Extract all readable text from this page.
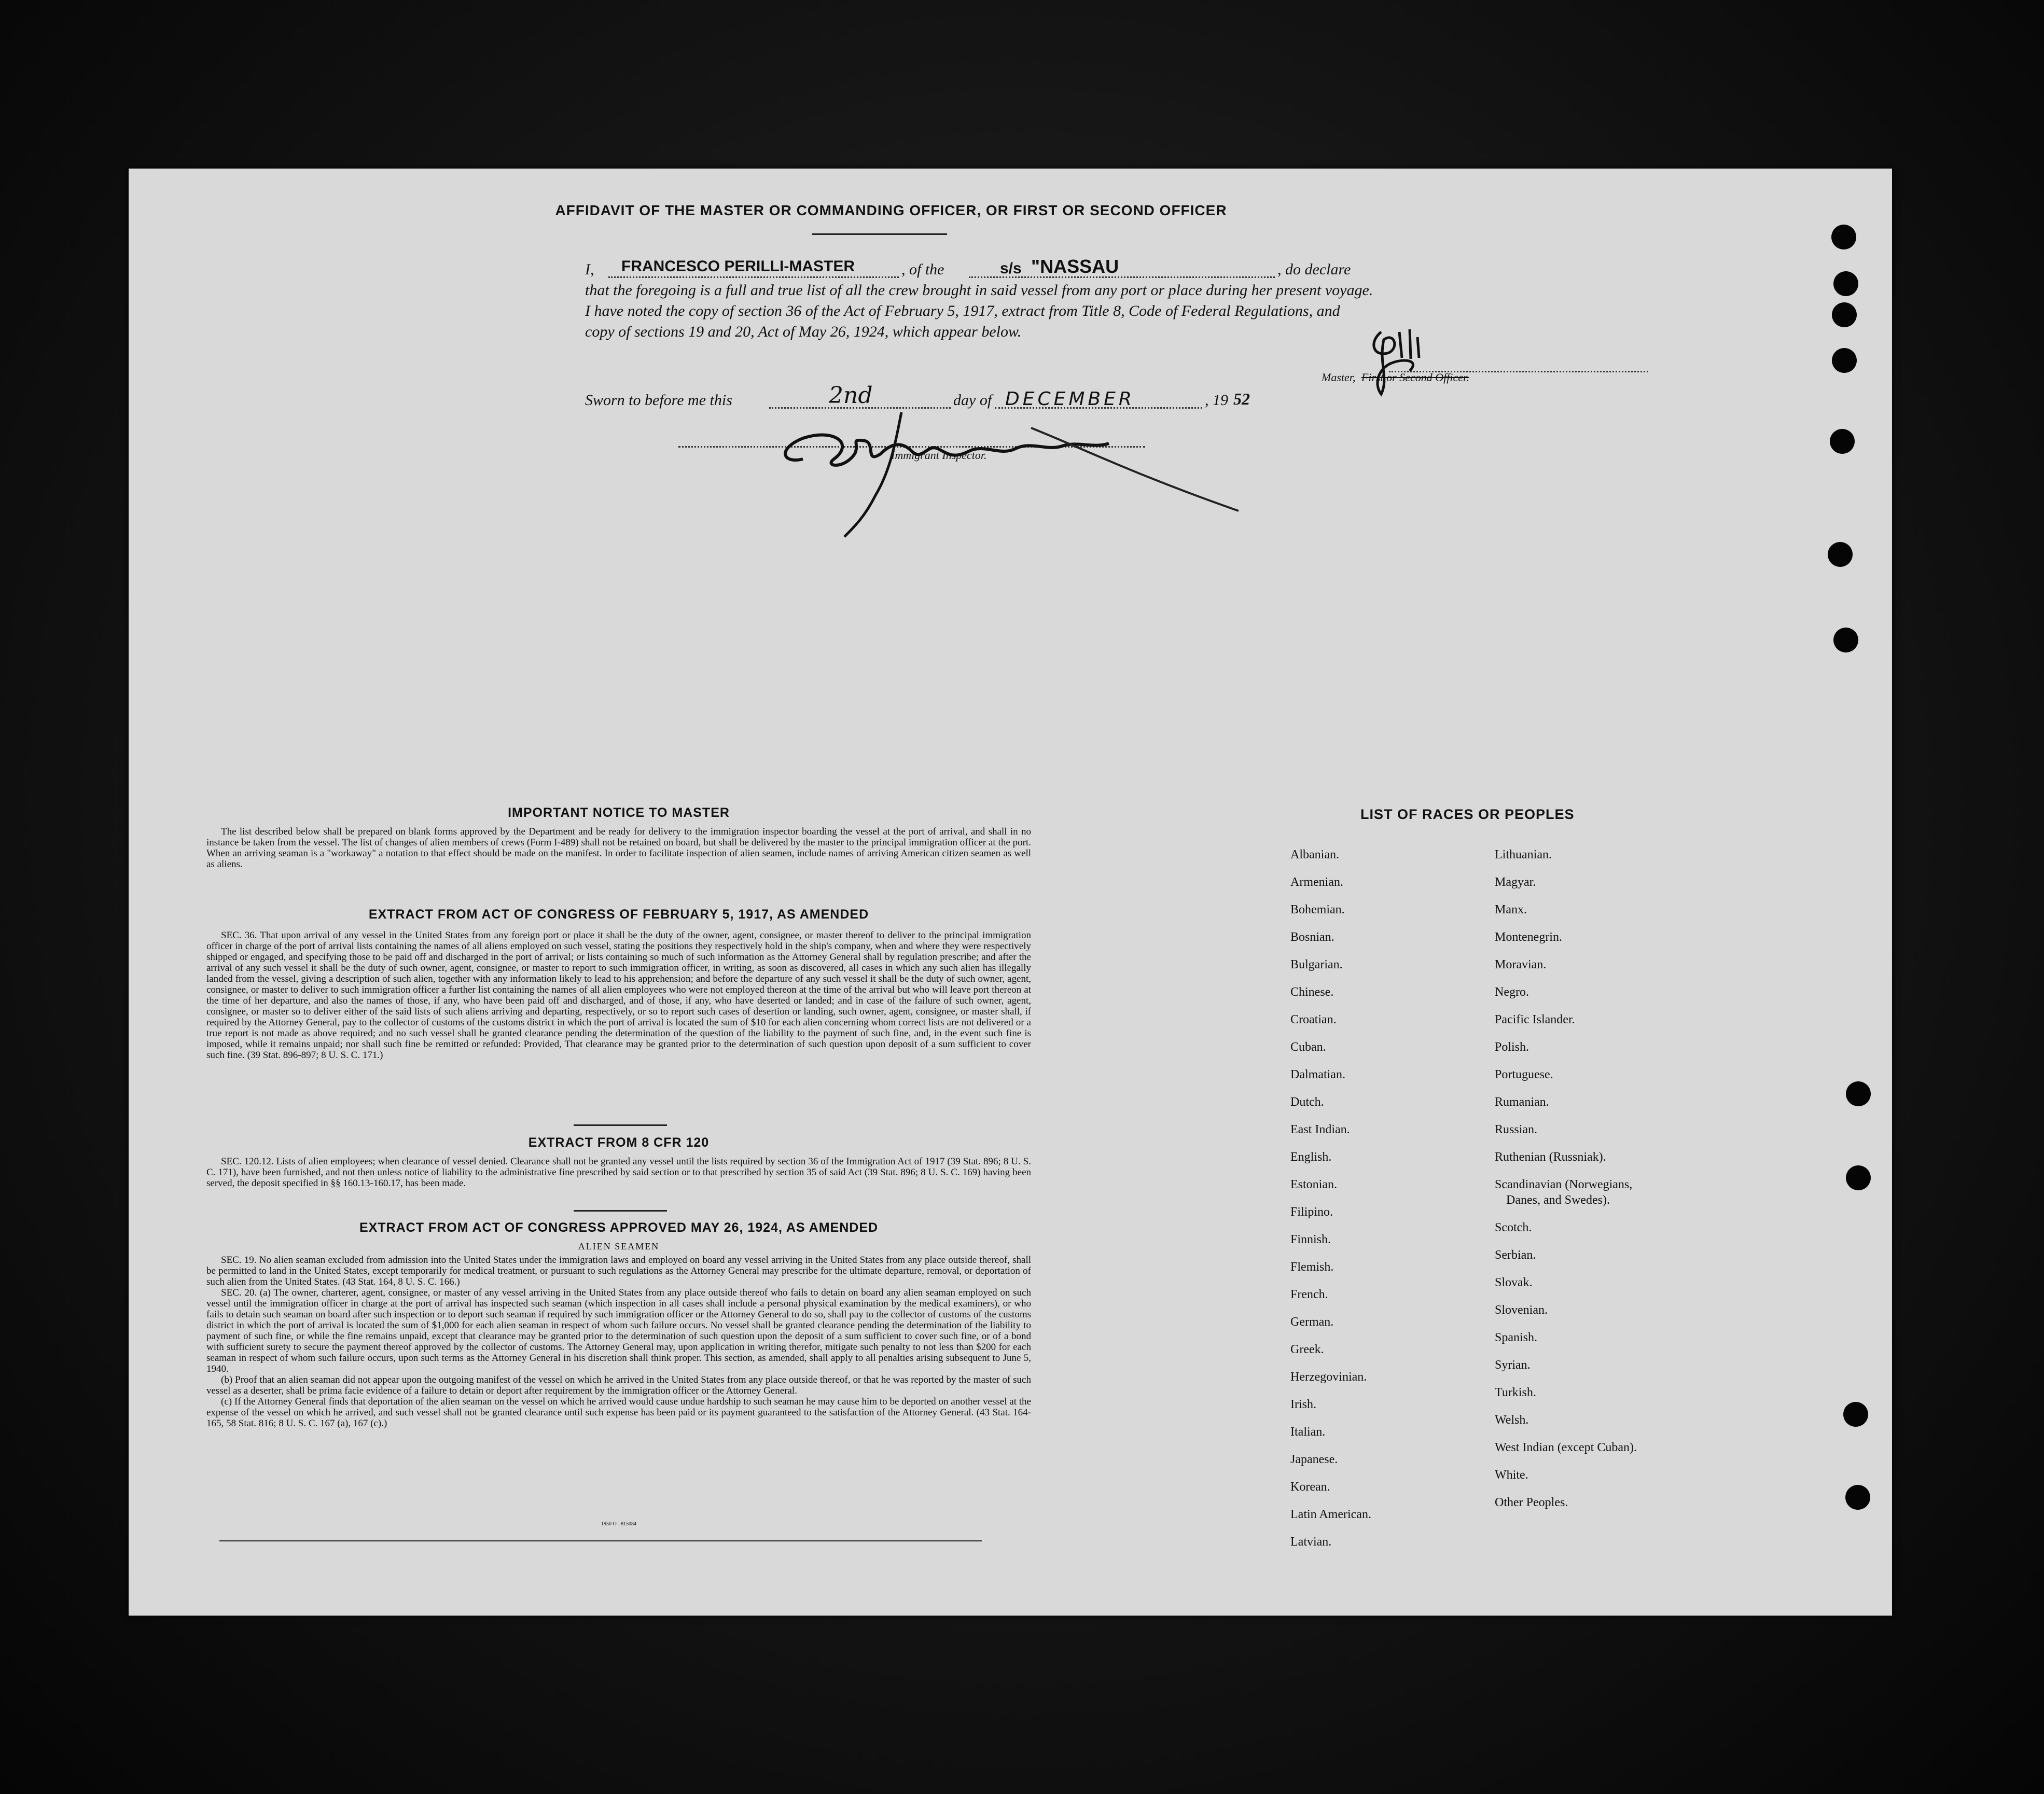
AFFIDAVIT OF THE MASTER OR COMMANDING OFFICER, OR FIRST OR SECOND OFFICER
I, FRANCESCO PERILLI-MASTER	, of the	s/s "NASSAU	, do declare
that the foregoing is a full and true list of all the crew brought in said vessel from any port or place during her present voyage.
I have noted the copy of section 36 of the Act of February 5, 1917, extract from Title 8, Code of Federal Regulations, and
copy of sections 19 and 20, Act of May 26, 1924, which appear below.
Master, First or Second Officer.
Sworn to before me this	2nd	day of DECEMBER	, 19 52
Immigrant Inspector.
IMPORTANT NOTICE TO MASTER

The list described below shall be prepared on blank forms approved by the Department and be ready for delivery to the immigration inspector boarding the vessel at the port of arrival, and shall in no instance be taken from the vessel. The list of changes of alien members of crews (Form I-489) shall not be retained on board, but shall be delivered by the master to the principal immigration officer at the port. When an arriving seaman is a "workaway" a notation to that effect should be made on the manifest. In order to facilitate inspection of alien seamen, include names of arriving American citizen seamen as well as aliens.

EXTRACT FROM ACT OF CONGRESS OF FEBRUARY 5, 1917, AS AMENDED

SEC. 36. That upon arrival of any vessel in the United States from any foreign port or place it shall be the duty of the owner, agent, consignee, or master thereof to deliver to the principal immigration officer in charge of the port of arrival lists containing the names of all aliens employed on such vessel, stating the positions they respectively hold in the ship's company, when and where they were respectively shipped or engaged, and specifying those to be paid off and discharged in the port of arrival; or lists containing so much of such information as the Attorney General shall by regulation prescribe; and after the arrival of any such vessel it shall be the duty of such owner, agent, consignee, or master to report to such immigration officer, in writing, as soon as discovered, all cases in which any such alien has illegally landed from the vessel, giving a description of such alien, together with any information likely to lead to his apprehension; and before the departure of any such vessel it shall be the duty of such owner, agent, consignee, or master to deliver to such immigration officer a further list containing the names of all alien employees who were not employed thereon at the time of the arrival but who will leave port thereon at the time of her departure, and also the names of those, if any, who have been paid off and discharged, and of those, if any, who have deserted or landed; and in case of the failure of such owner, agent, consignee, or master so to deliver either of the said lists of such aliens arriving and departing, respectively, or so to report such cases of desertion or landing, such owner, agent, consignee, or master shall, if required by the Attorney General, pay to the collector of customs of the customs district in which the port of arrival is located the sum of $10 for each alien concerning whom correct lists are not delivered or a true report is not made as above required; and no such vessel shall be granted clearance pending the determination of the question of the liability to the payment of such fine, and, in the event such fine is imposed, while it remains unpaid; nor shall such fine be remitted or refunded: Provided, That clearance may be granted prior to the determination of such question upon deposit of a sum sufficient to cover such fine. (39 Stat. 896-897; 8 U. S. C. 171.)

EXTRACT FROM 8 CFR 120

SEC. 120.12. Lists of alien employees; when clearance of vessel denied. Clearance shall not be granted any vessel until the lists required by section 36 of the Immigration Act of 1917 (39 Stat. 896; 8 U. S. C. 171), have been furnished, and not then unless notice of liability to the administrative fine prescribed by said section or to that prescribed by section 35 of said Act (39 Stat. 896; 8 U. S. C. 169) having been served, the deposit specified in §§ 160.13-160.17, has been made.

EXTRACT FROM ACT OF CONGRESS APPROVED MAY 26, 1924, AS AMENDED
ALIEN SEAMEN

SEC. 19. No alien seaman excluded from admission into the United States under the immigration laws and employed on board any vessel arriving in the United States from any place outside thereof, shall be permitted to land in the United States, except temporarily for medical treatment, or pursuant to such regulations as the Attorney General may prescribe for the ultimate departure, removal, or deportation of such alien from the United States. (43 Stat. 164, 8 U. S. C. 166.)

SEC. 20. (a) The owner, charterer, agent, consignee, or master of any vessel arriving in the United States from any place outside thereof who fails to detain on board any alien seaman employed on such vessel until the immigration officer in charge at the port of arrival has inspected such seaman (which inspection in all cases shall include a personal physical examination by the medical examiners), or who fails to detain such seaman on board after such inspection or to deport such seaman if required by such immigration officer or the Attorney General to do so, shall pay to the collector of customs of the customs district in which the port of arrival is located the sum of $1,000 for each alien seaman in respect of whom such failure occurs. No vessel shall be granted clearance pending the determination of the liability to payment of such fine, or while the fine remains unpaid, except that clearance may be granted prior to the determination of such question upon the deposit of a sum sufficient to cover such fine, or of a bond with sufficient surety to secure the payment thereof approved by the collector of customs. The Attorney General may, upon application in writing therefor, mitigate such penalty to not less than $200 for each seaman in respect of whom such failure occurs, upon such terms as the Attorney General in his discretion shall think proper. This section, as amended, shall apply to all penalties arising subsequent to June 5, 1940.

(b) Proof that an alien seaman did not appear upon the outgoing manifest of the vessel on which he arrived in the United States from any place outside thereof, or that he was reported by the master of such vessel as a deserter, shall be prima facie evidence of a failure to detain or deport after requirement by the immigration officer or the Attorney General.

(c) If the Attorney General finds that deportation of the alien seaman on the vessel on which he arrived would cause undue hardship to such seaman he may cause him to be deported on another vessel at the expense of the vessel on which he arrived, and such vessel shall not be granted clearance until such expense has been paid or its payment guaranteed to the satisfaction of the Attorney General. (43 Stat. 164-165, 58 Stat. 816; 8 U. S. C. 167 (a), 167 (c).)

1950 O - 815084
LIST OF RACES OR PEOPLES
Albanian.
Armenian.
Bohemian.
Bosnian.
Bulgarian.
Chinese.
Croatian.
Cuban.
Dalmatian.
Dutch.
East Indian.
English.
Estonian.
Filipino.
Finnish.
Flemish.
French.
German.
Greek.
Herzegovinian.
Irish.
Italian.
Japanese.
Korean.
Latin American.
Latvian.
Lithuanian.
Magyar.
Manx.
Montenegrin.
Moravian.
Negro.
Pacific Islander.
Polish.
Portuguese.
Rumanian.
Russian.
Ruthenian (Russniak).
Scandinavian (Norwegians,
Danes, and Swedes).
Scotch.
Serbian.
Slovak.
Slovenian.
Spanish.
Syrian.
Turkish.
Welsh.
West Indian (except Cuban).
White.
Other Peoples.
